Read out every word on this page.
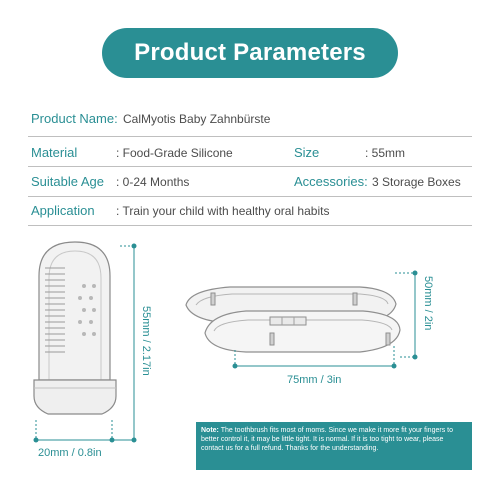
Product Parameters
Product Name: CalMyotis Baby Zahnbürste
Material	: Food-Grade Silicone	Size	: 55mm
Suitable Age : 0-24 Months	Accessories: 3 Storage Boxes
Application : Train your child with healthy oral habits
55mm / 2.17in
20mm / 0.8in
75mm / 3in
50mm / 2in
Note: The toothbrush fits most of moms. Since we make it more fit your fingers to better control it, it may be little tight. It is normal. If it is too tight to wear, please contact us for a full refund. Thanks for the understanding.
